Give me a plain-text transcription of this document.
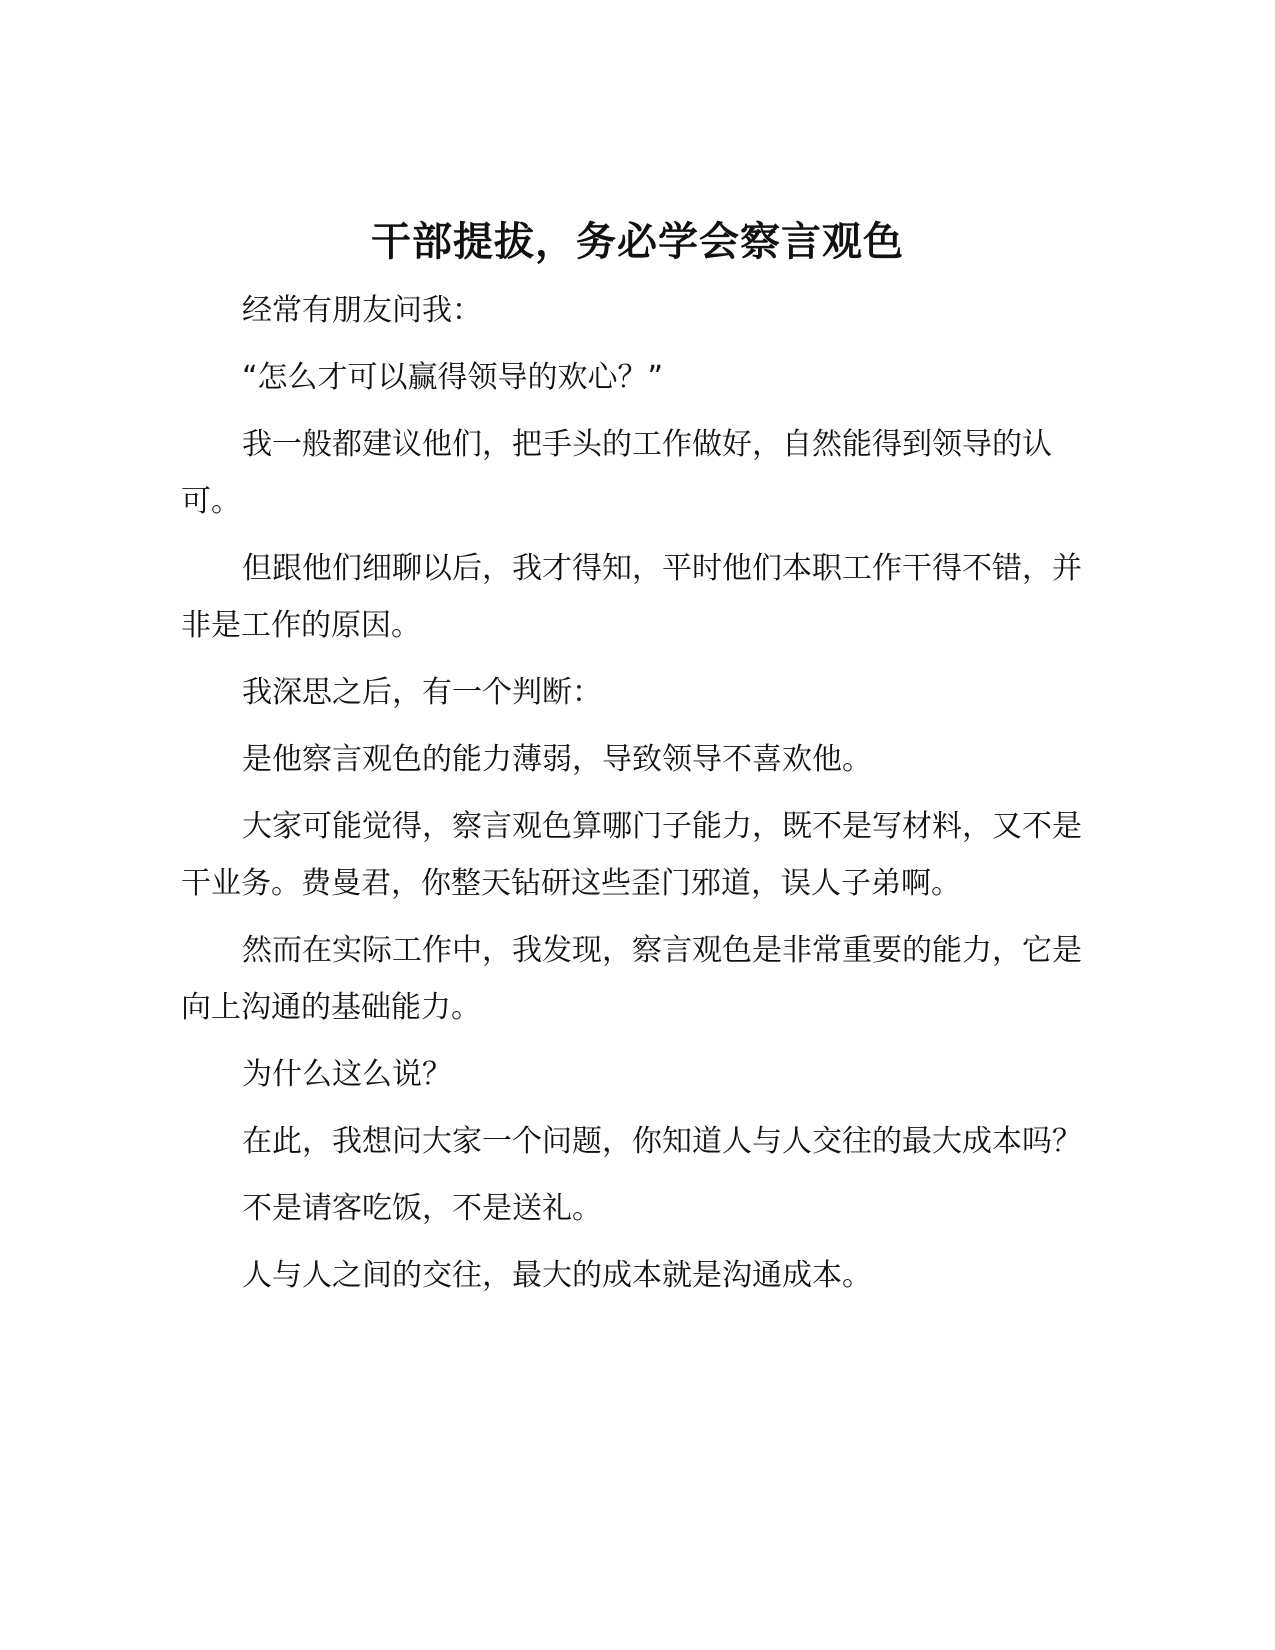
干部提拔，务必学会察言观色

经常有朋友问我：

“怎么才可以赢得领导的欢心？”

我一般都建议他们，把手头的工作做好，自然能得到领导的认可。

但跟他们细聊以后，我才得知，平时他们本职工作干得不错，并非是工作的原因。

我深思之后，有一个判断：

是他察言观色的能力薄弱，导致领导不喜欢他。

大家可能觉得，察言观色算哪门子能力，既不是写材料，又不是干业务。费曼君，你整天钻研这些歪门邪道，误人子弟啊。

然而在实际工作中，我发现，察言观色是非常重要的能力，它是向上沟通的基础能力。

为什么这么说？

在此，我想问大家一个问题，你知道人与人交往的最大成本吗？

不是请客吃饭，不是送礼。

人与人之间的交往，最大的成本就是沟通成本。
